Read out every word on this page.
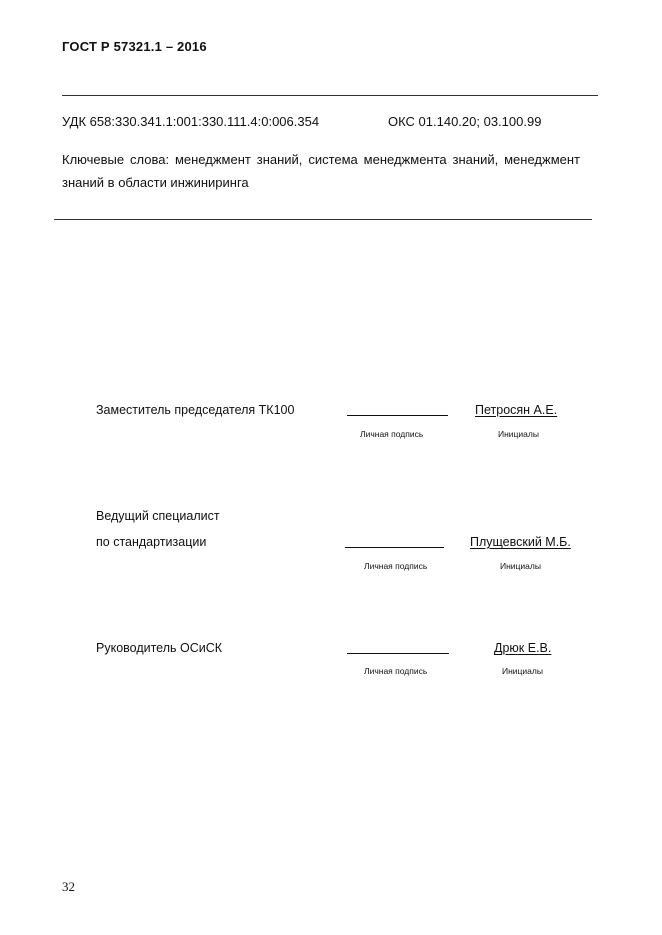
ГОСТ Р 57321.1 – 2016
УДК 658:330.341.1:001:330.111.4:0:006.354	ОКС 01.140.20; 03.100.99
Ключевые слова: менеджмент знаний, система менеджмента знаний, менеджмент знаний в области инжиниринга
Заместитель председателя ТК100	Петросян А.Е.
Личная подпись	Инициалы
Ведущий специалист
по стандартизации	Плущевский М.Б.
Личная подпись	Инициалы
Руководитель ОСиСК	Дрюк Е.В.
Личная подпись	Инициалы
32
